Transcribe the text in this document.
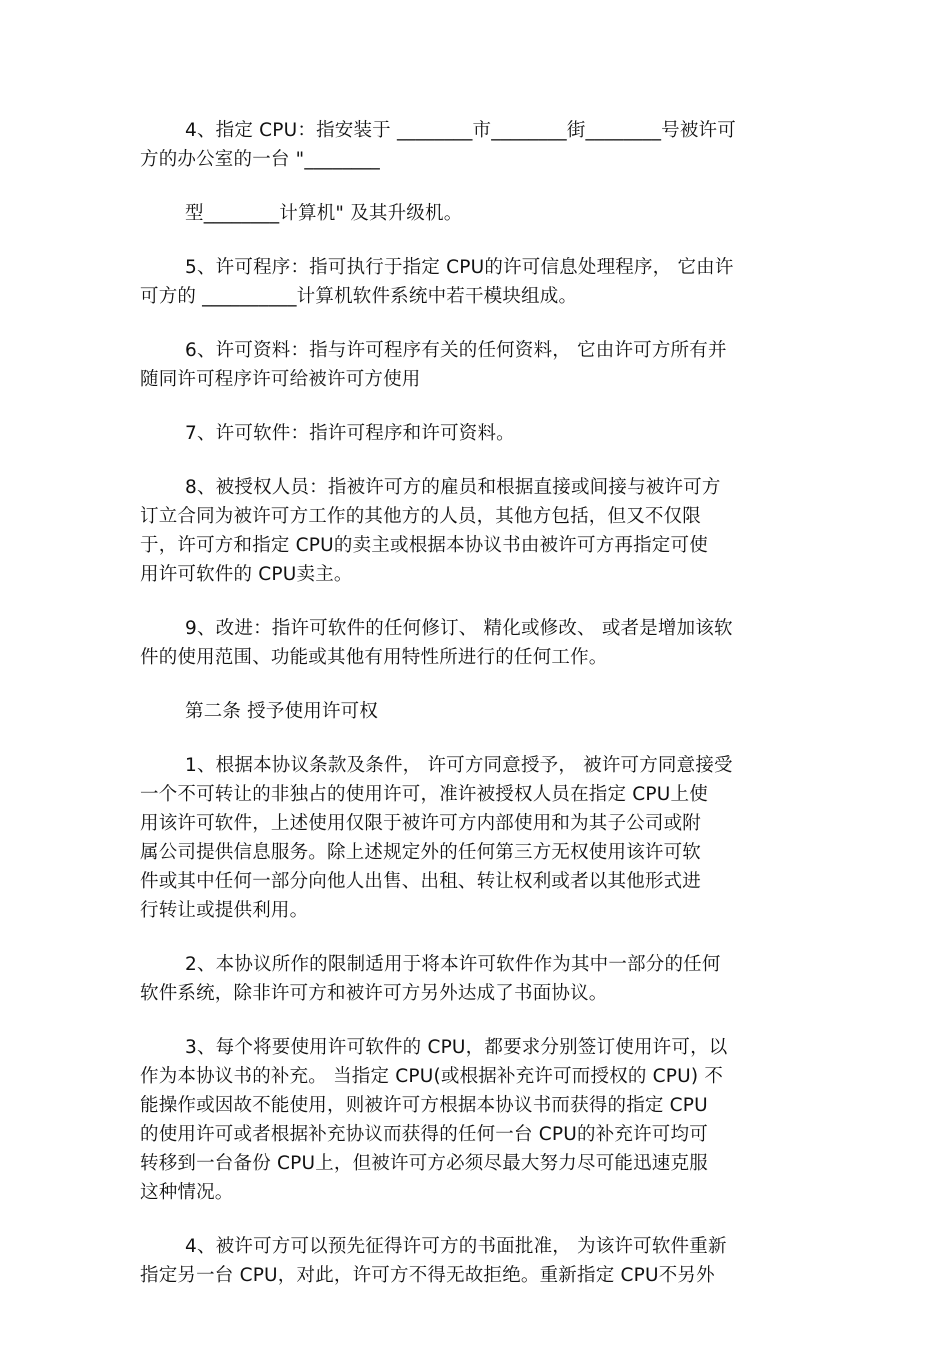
4、指定 CPU：指安装于 ________市________街________号被许可
方的办公室的一台 "________
型________计算机" 及其升级机。
5、许可程序：指可执行于指定 CPU的许可信息处理程序， 它由许
可方的 __________计算机软件系统中若干模块组成。
6、许可资料：指与许可程序有关的任何资料， 它由许可方所有并
随同许可程序许可给被许可方使用
7、许可软件：指许可程序和许可资料。
8、被授权人员：指被许可方的雇员和根据直接或间接与被许可方
订立合同为被许可方工作的其他方的人员，其他方包括，但又不仅限
于，许可方和指定 CPU的卖主或根据本协议书由被许可方再指定可使
用许可软件的 CPU卖主。
9、改进：指许可软件的任何修订、 精化或修改、 或者是增加该软
件的使用范围、功能或其他有用特性所进行的任何工作。
第二条 授予使用许可权
1、根据本协议条款及条件， 许可方同意授予， 被许可方同意接受
一个不可转让的非独占的使用许可，准许被授权人员在指定 CPU上使
用该许可软件，上述使用仅限于被许可方内部使用和为其子公司或附
属公司提供信息服务。除上述规定外的任何第三方无权使用该许可软
件或其中任何一部分向他人出售、出租、转让权利或者以其他形式进
行转让或提供利用。
2、本协议所作的限制适用于将本许可软件作为其中一部分的任何
软件系统，除非许可方和被许可方另外达成了书面协议。
3、每个将要使用许可软件的 CPU，都要求分别签订使用许可，以
作为本协议书的补充。 当指定 CPU(或根据补充许可而授权的 CPU) 不
能操作或因故不能使用，则被许可方根据本协议书而获得的指定 CPU
的使用许可或者根据补充协议而获得的任何一台 CPU的补充许可均可
转移到一台备份 CPU上，但被许可方必须尽最大努力尽可能迅速克服
这种情况。
4、被许可方可以预先征得许可方的书面批准， 为该许可软件重新
指定另一台 CPU，对此，许可方不得无故拒绝。重新指定 CPU不另外
